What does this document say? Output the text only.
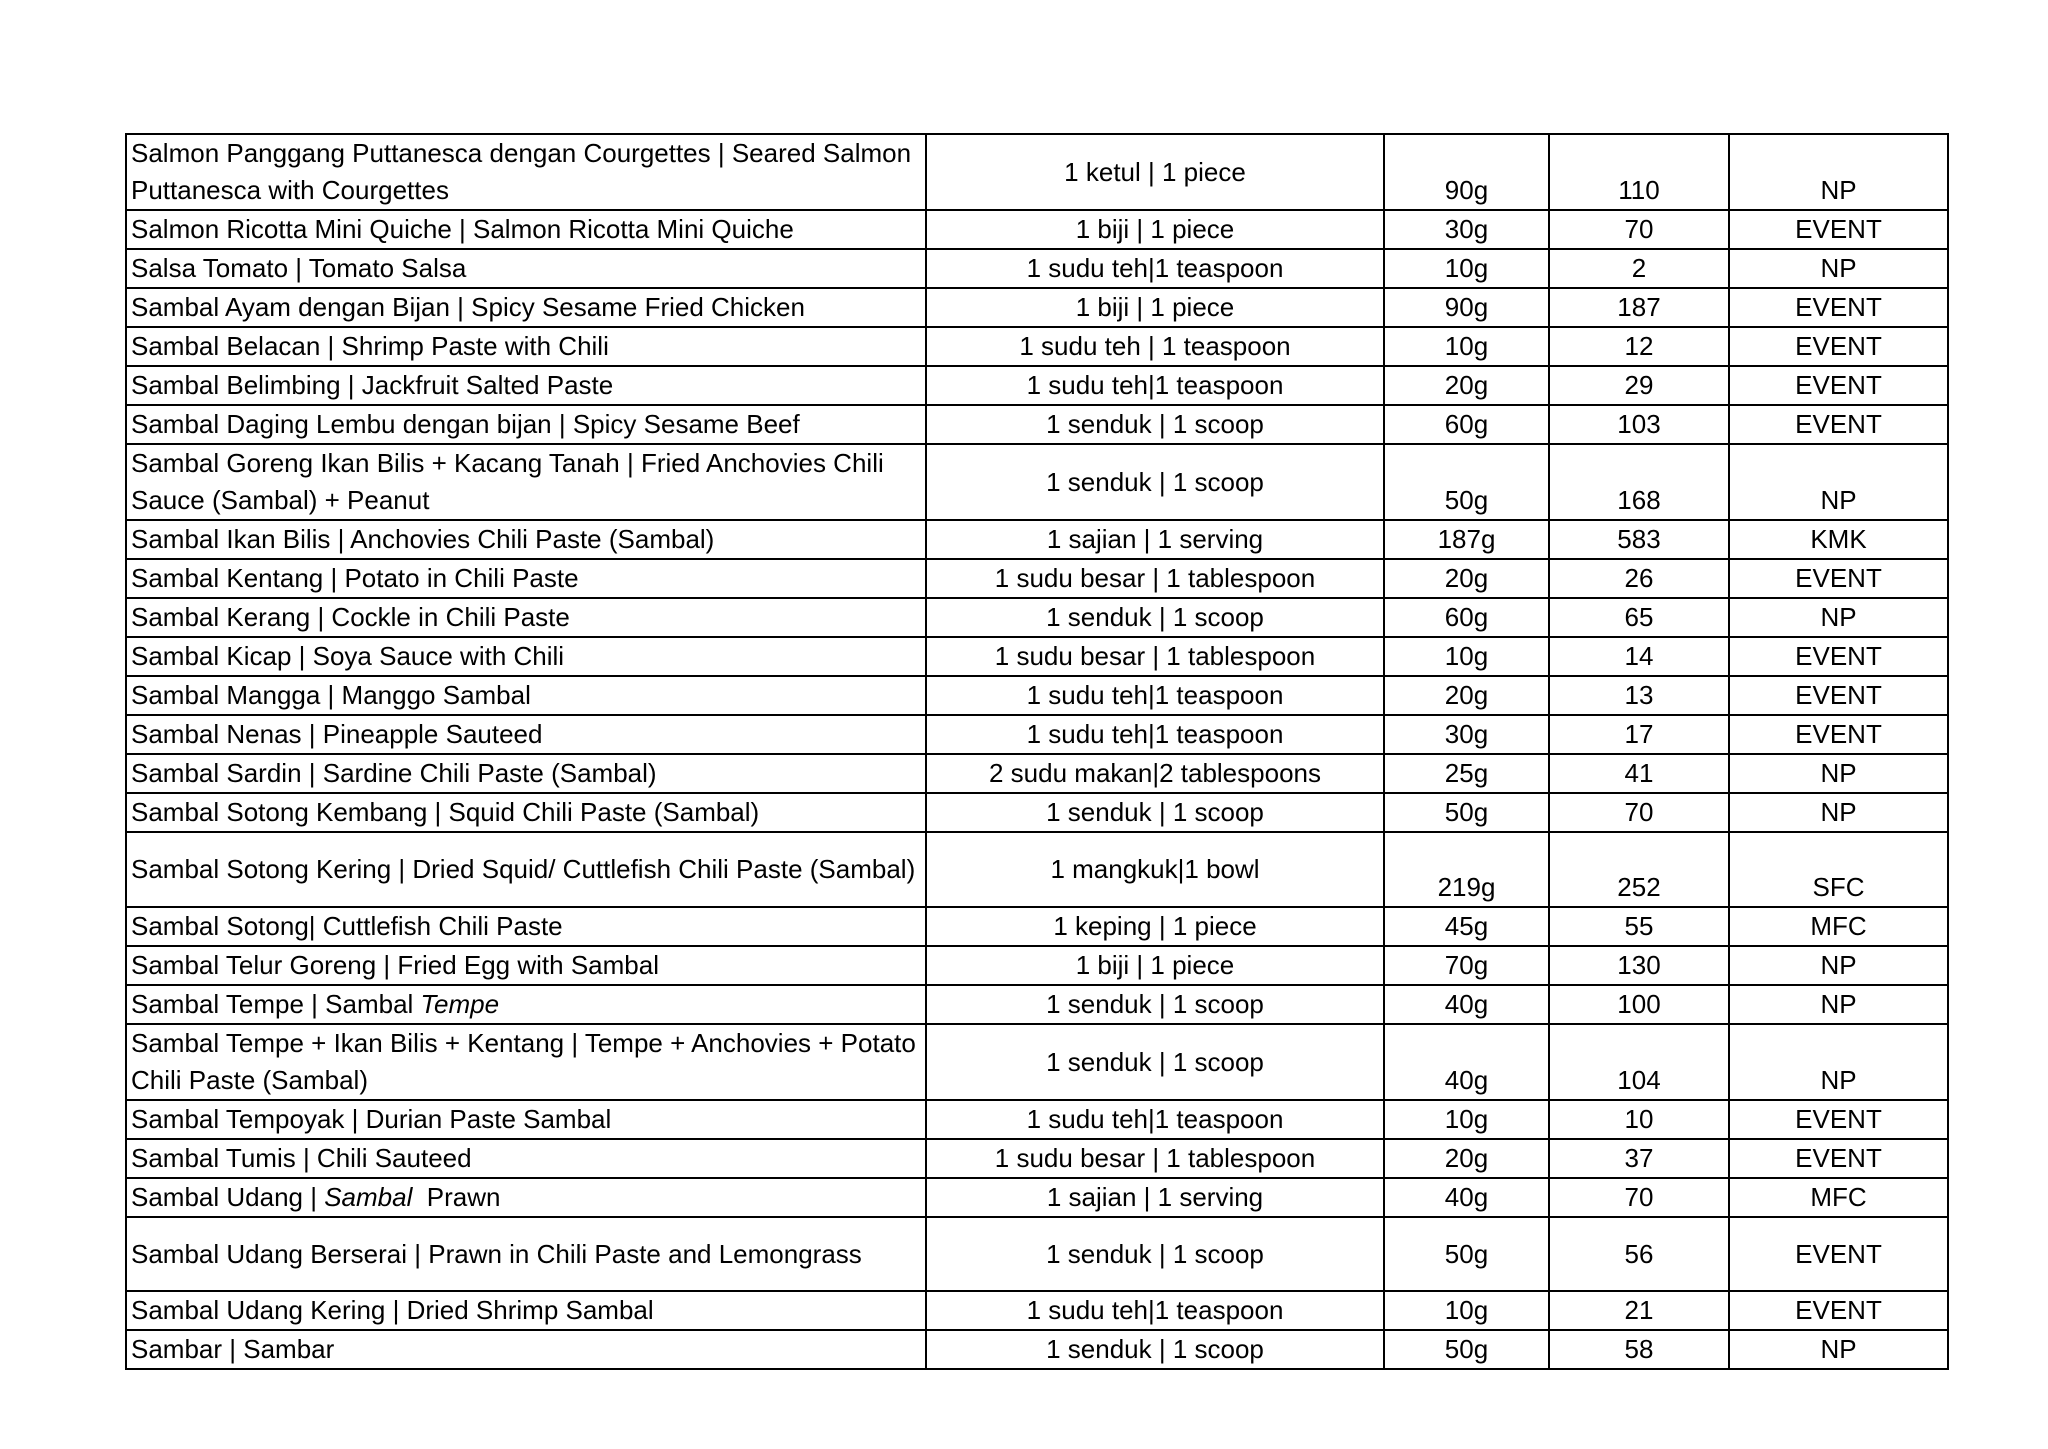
Salmon Panggang Puttanesca dengan Courgettes | Seared Salmon Puttanesca with Courgettes	1 ketul | 1 piece	90g	110	NP
Salmon Ricotta Mini Quiche | Salmon Ricotta Mini Quiche	1 biji | 1 piece	30g	70	EVENT
Salsa Tomato | Tomato Salsa	1 sudu teh|1 teaspoon	10g	2	NP
Sambal Ayam dengan Bijan | Spicy Sesame Fried Chicken	1 biji | 1 piece	90g	187	EVENT
Sambal Belacan | Shrimp Paste with Chili	1 sudu teh | 1 teaspoon	10g	12	EVENT
Sambal Belimbing | Jackfruit Salted Paste	1 sudu teh|1 teaspoon	20g	29	EVENT
Sambal Daging Lembu dengan bijan | Spicy Sesame Beef	1 senduk | 1 scoop	60g	103	EVENT
Sambal Goreng Ikan Bilis + Kacang Tanah | Fried Anchovies Chili Sauce (Sambal) + Peanut	1 senduk | 1 scoop	50g	168	NP
Sambal Ikan Bilis | Anchovies Chili Paste (Sambal)	1 sajian | 1 serving	187g	583	KMK
Sambal Kentang | Potato in Chili Paste	1 sudu besar | 1 tablespoon	20g	26	EVENT
Sambal Kerang | Cockle in Chili Paste	1 senduk | 1 scoop	60g	65	NP
Sambal Kicap | Soya Sauce with Chili	1 sudu besar | 1 tablespoon	10g	14	EVENT
Sambal Mangga | Manggo Sambal	1 sudu teh|1 teaspoon	20g	13	EVENT
Sambal Nenas | Pineapple Sauteed	1 sudu teh|1 teaspoon	30g	17	EVENT
Sambal Sardin | Sardine Chili Paste (Sambal)	2 sudu makan|2 tablespoons	25g	41	NP
Sambal Sotong Kembang | Squid Chili Paste (Sambal)	1 senduk | 1 scoop	50g	70	NP
Sambal Sotong Kering | Dried Squid/ Cuttlefish Chili Paste (Sambal)	1 mangkuk|1 bowl	219g	252	SFC
Sambal Sotong| Cuttlefish Chili Paste	1 keping | 1 piece	45g	55	MFC
Sambal Telur Goreng | Fried Egg with Sambal	1 biji | 1 piece	70g	130	NP
Sambal Tempe | Sambal Tempe	1 senduk | 1 scoop	40g	100	NP
Sambal Tempe + Ikan Bilis + Kentang | Tempe + Anchovies + Potato Chili Paste (Sambal)	1 senduk | 1 scoop	40g	104	NP
Sambal Tempoyak | Durian Paste Sambal	1 sudu teh|1 teaspoon	10g	10	EVENT
Sambal Tumis | Chili Sauteed	1 sudu besar | 1 tablespoon	20g	37	EVENT
Sambal Udang | Sambal  Prawn	1 sajian | 1 serving	40g	70	MFC
Sambal Udang Berserai | Prawn in Chili Paste and Lemongrass	1 senduk | 1 scoop	50g	56	EVENT
Sambal Udang Kering | Dried Shrimp Sambal	1 sudu teh|1 teaspoon	10g	21	EVENT
Sambar | Sambar	1 senduk | 1 scoop	50g	58	NP
